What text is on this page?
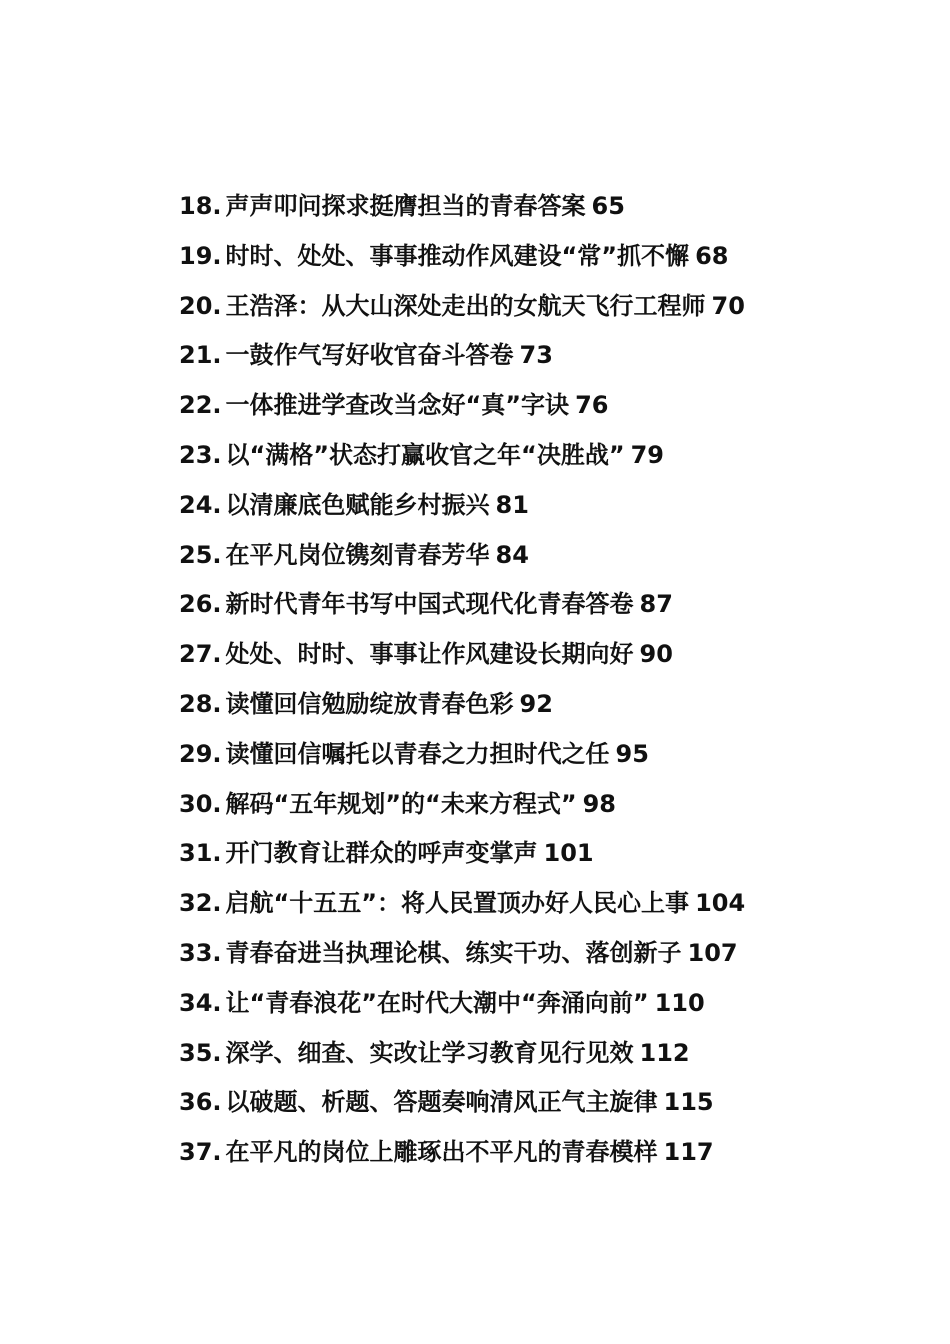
18. 声声叩问探求挺膺担当的青春答案 65
19. 时时、处处、事事推动作风建设“常”抓不懈 68
20. 王浩泽：从大山深处走出的女航天飞行工程师 70
21. 一鼓作气写好收官奋斗答卷 73
22. 一体推进学查改当念好“真”字诀 76
23. 以“满格”状态打赢收官之年“决胜战” 79
24. 以清廉底色赋能乡村振兴 81
25. 在平凡岗位镌刻青春芳华 84
26. 新时代青年书写中国式现代化青春答卷 87
27. 处处、时时、事事让作风建设长期向好 90
28. 读懂回信勉励绽放青春色彩 92
29. 读懂回信嘱托以青春之力担时代之任 95
30. 解码“五年规划”的“未来方程式” 98
31. 开门教育让群众的呼声变掌声 101
32. 启航“十五五”：将人民置顶办好人民心上事 104
33. 青春奋进当执理论棋、练实干功、落创新子 107
34. 让“青春浪花”在时代大潮中“奔涌向前” 110
35. 深学、细查、实改让学习教育见行见效 112
36. 以破题、析题、答题奏响清风正气主旋律 115
37. 在平凡的岗位上雕琢出不平凡的青春模样 117
